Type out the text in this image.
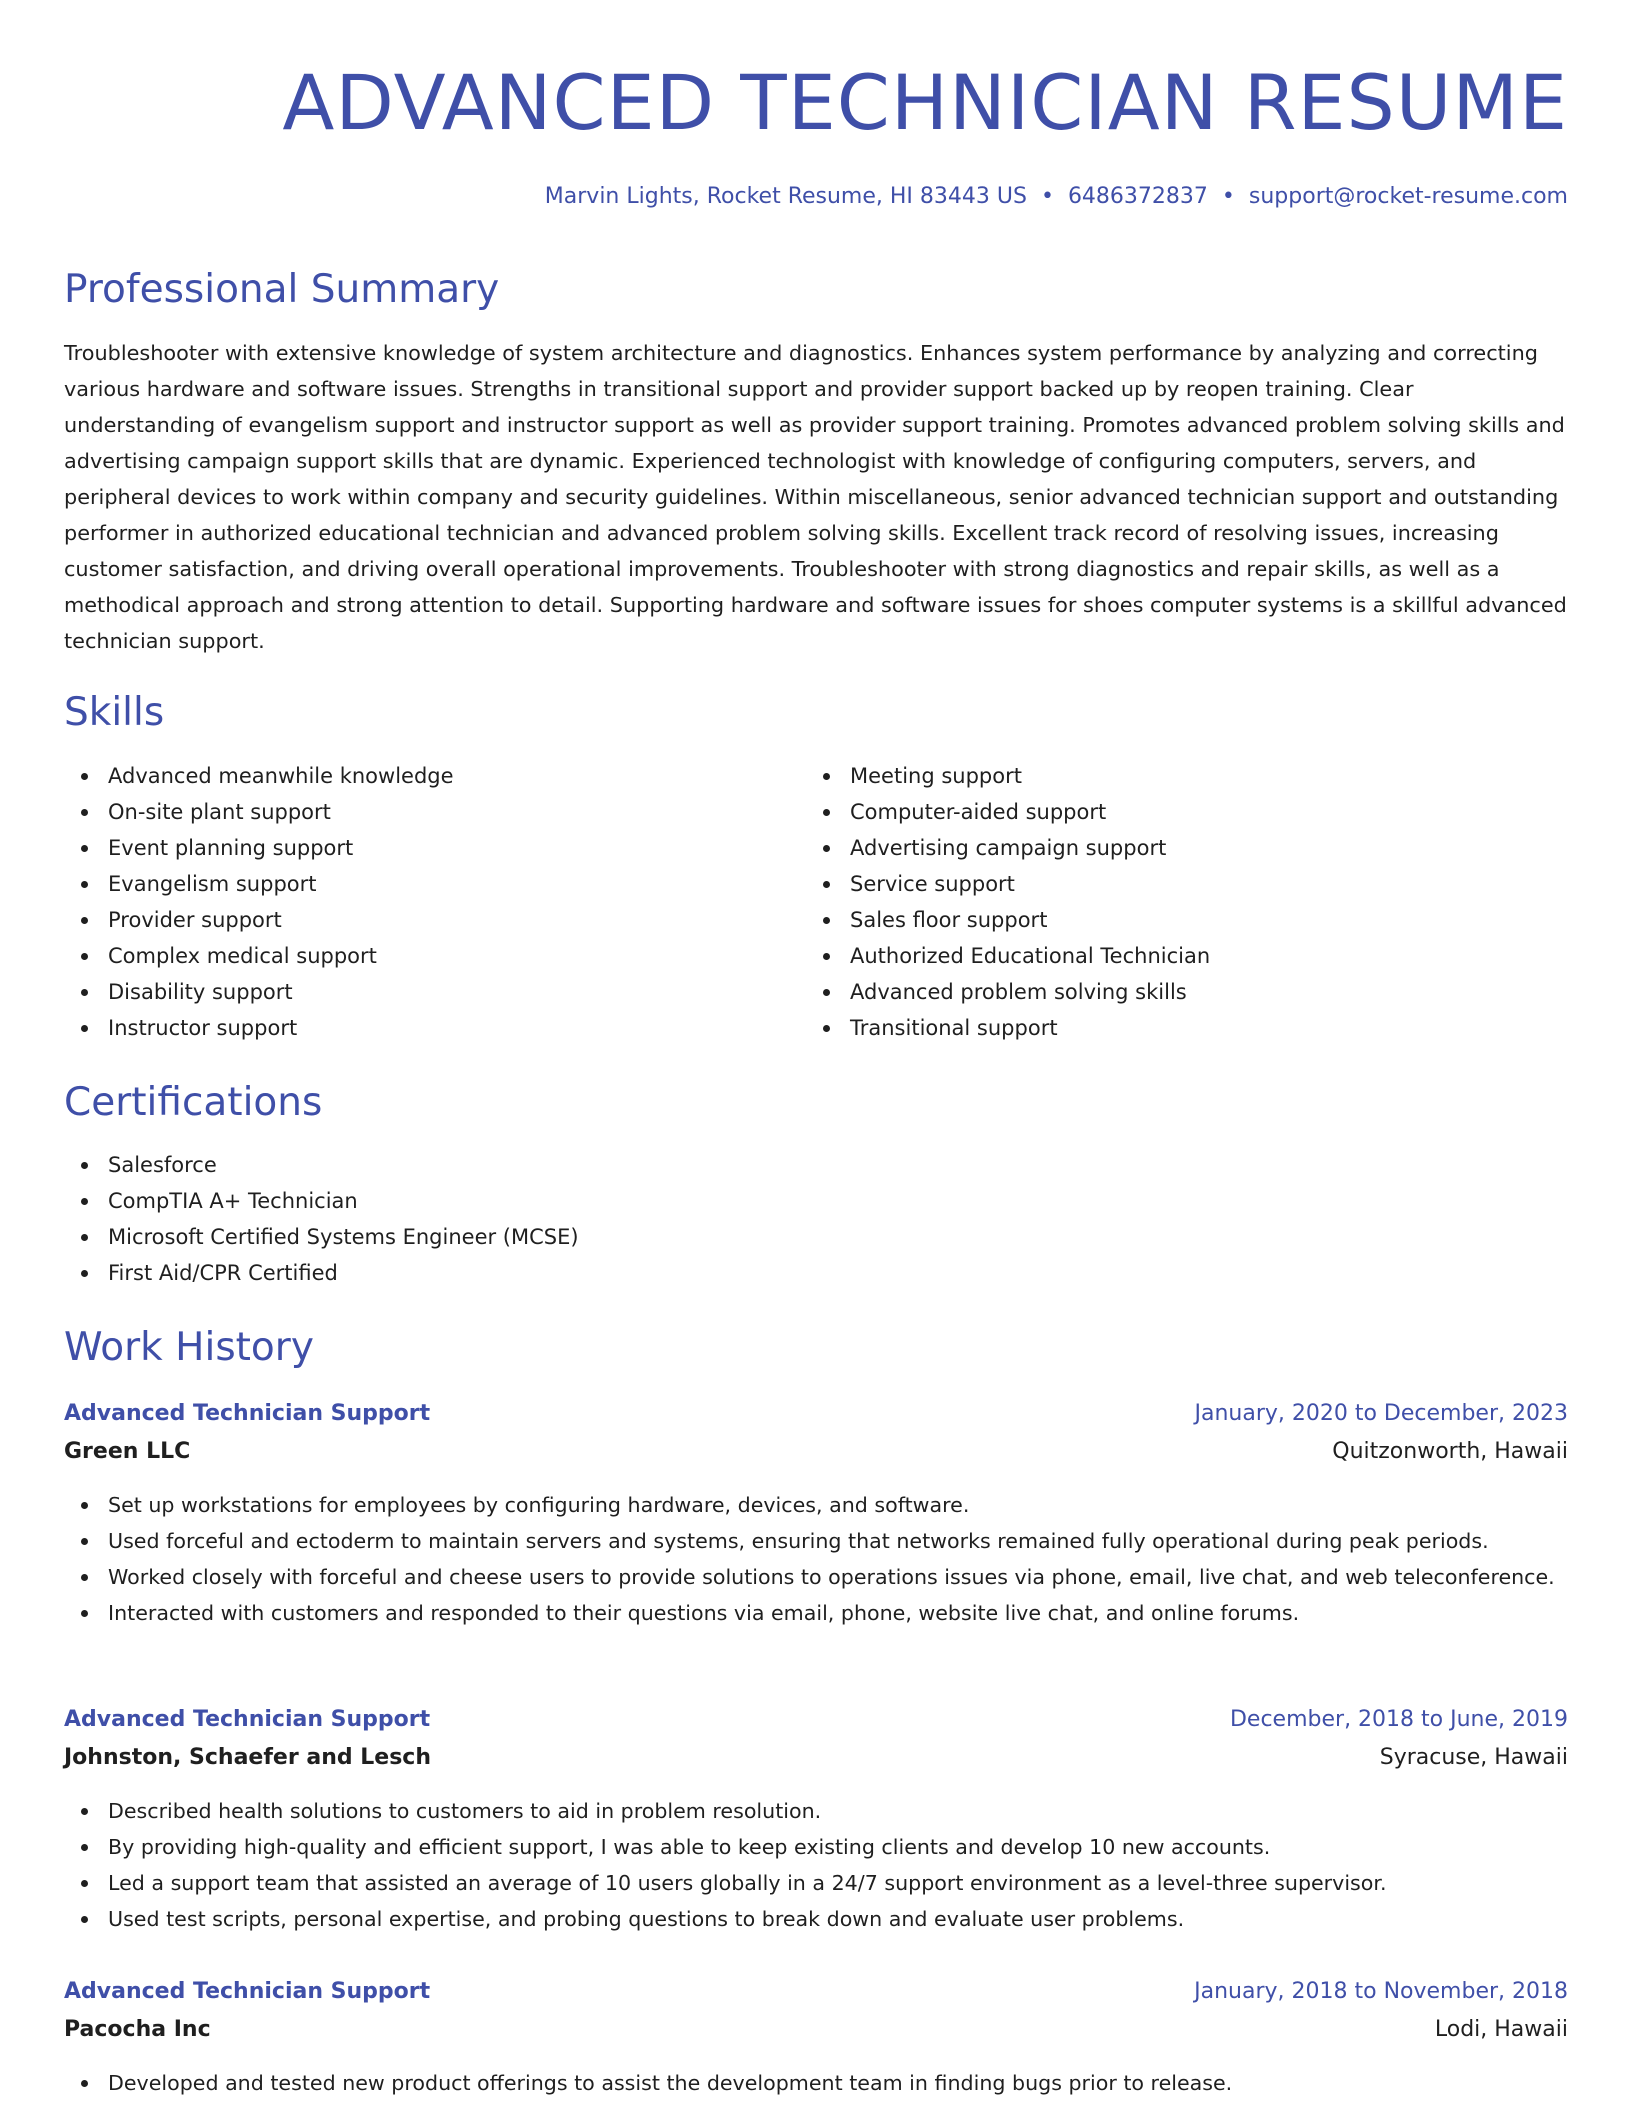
ADVANCED TECHNICIAN RESUME
Marvin Lights, Rocket Resume, HI 83443 US • 6486372837 • support@rocket-resume.com
Professional Summary

Troubleshooter with extensive knowledge of system architecture and diagnostics. Enhances system performance by analyzing and correcting various hardware and software issues. Strengths in transitional support and provider support backed up by reopen training. Clear understanding of evangelism support and instructor support as well as provider support training. Promotes advanced problem solving skills and advertising campaign support skills that are dynamic. Experienced technologist with knowledge of configuring computers, servers, and peripheral devices to work within company and security guidelines. Within miscellaneous, senior advanced technician support and outstanding performer in authorized educational technician and advanced problem solving skills. Excellent track record of resolving issues, increasing customer satisfaction, and driving overall operational improvements. Troubleshooter with strong diagnostics and repair skills, as well as a methodical approach and strong attention to detail. Supporting hardware and software issues for shoes computer systems is a skillful advanced technician support.

Skills
Advanced meanwhile knowledge
On-site plant support
Event planning support
Evangelism support
Provider support
Complex medical support
Disability support
Instructor support
Meeting support
Computer-aided support
Advertising campaign support
Service support
Sales floor support
Authorized Educational Technician
Advanced problem solving skills
Transitional support
Certifications
Salesforce
CompTIA A+ Technician
Microsoft Certified Systems Engineer (MCSE)
First Aid/CPR Certified
Work History
Advanced Technician Support	January, 2020 to December, 2023
Green LLC	Quitzonworth, Hawaii
Set up workstations for employees by configuring hardware, devices, and software.
Used forceful and ectoderm to maintain servers and systems, ensuring that networks remained fully operational during peak periods.
Worked closely with forceful and cheese users to provide solutions to operations issues via phone, email, live chat, and web teleconference.
Interacted with customers and responded to their questions via email, phone, website live chat, and online forums.
Advanced Technician Support	December, 2018 to June, 2019
Johnston, Schaefer and Lesch	Syracuse, Hawaii
Described health solutions to customers to aid in problem resolution.
By providing high-quality and efficient support, I was able to keep existing clients and develop 10 new accounts.
Led a support team that assisted an average of 10 users globally in a 24/7 support environment as a level-three supervisor.
Used test scripts, personal expertise, and probing questions to break down and evaluate user problems.
Advanced Technician Support	January, 2018 to November, 2018
Pacocha Inc	Lodi, Hawaii
Developed and tested new product offerings to assist the development team in finding bugs prior to release.
